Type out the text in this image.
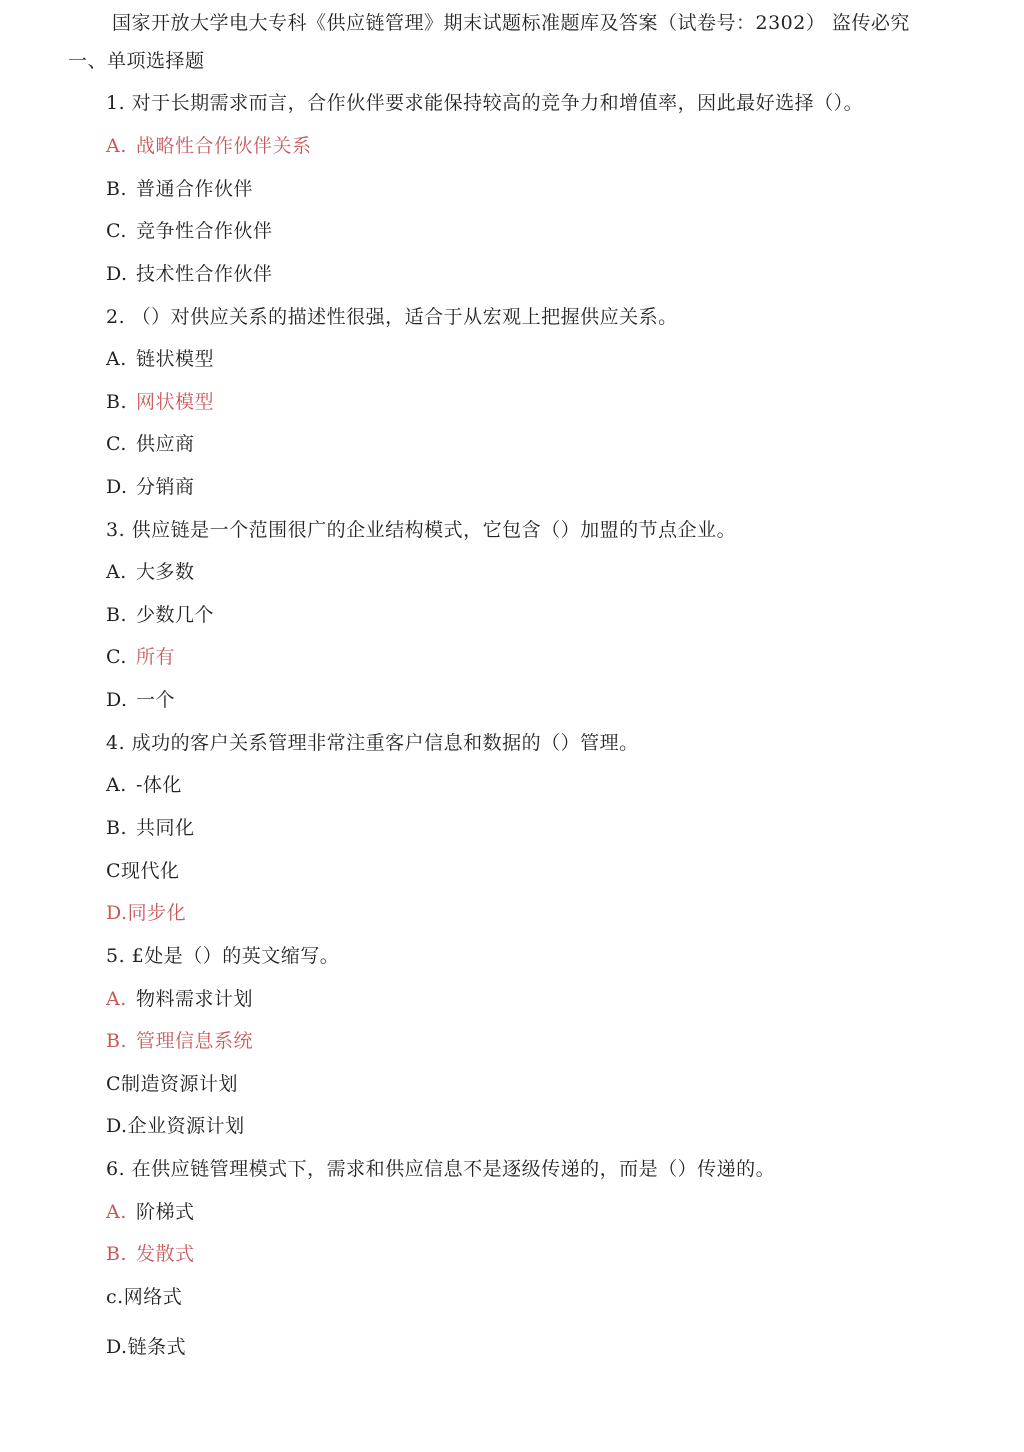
国家开放大学电大专科《供应链管理》期末试题标准题库及答案（试卷号：2302） 盗传必究
一、单项选择题
1. 对于长期需求而言，合作伙伴要求能保持较高的竞争力和增值率，因此最好选择（）。
A. 战略性合作伙伴关系
B. 普通合作伙伴
C. 竞争性合作伙伴
D. 技术性合作伙伴
2. （）对供应关系的描述性很强，适合于从宏观上把握供应关系。
A. 链状模型
B. 网状模型
C. 供应商
D. 分销商
3. 供应链是一个范围很广的企业结构模式，它包含（）加盟的节点企业。
A. 大多数
B. 少数几个
C. 所有
D. 一个
4. 成功的客户关系管理非常注重客户信息和数据的（）管理。
A. -体化
B. 共同化
C现代化
D.同步化
5. £处是（）的英文缩写。
A. 物料需求计划
B. 管理信息系统
C制造资源计划
D.企业资源计划
6. 在供应链管理模式下，需求和供应信息不是逐级传递的，而是（）传递的。
A. 阶梯式
B. 发散式
c.网络式
D.链条式
